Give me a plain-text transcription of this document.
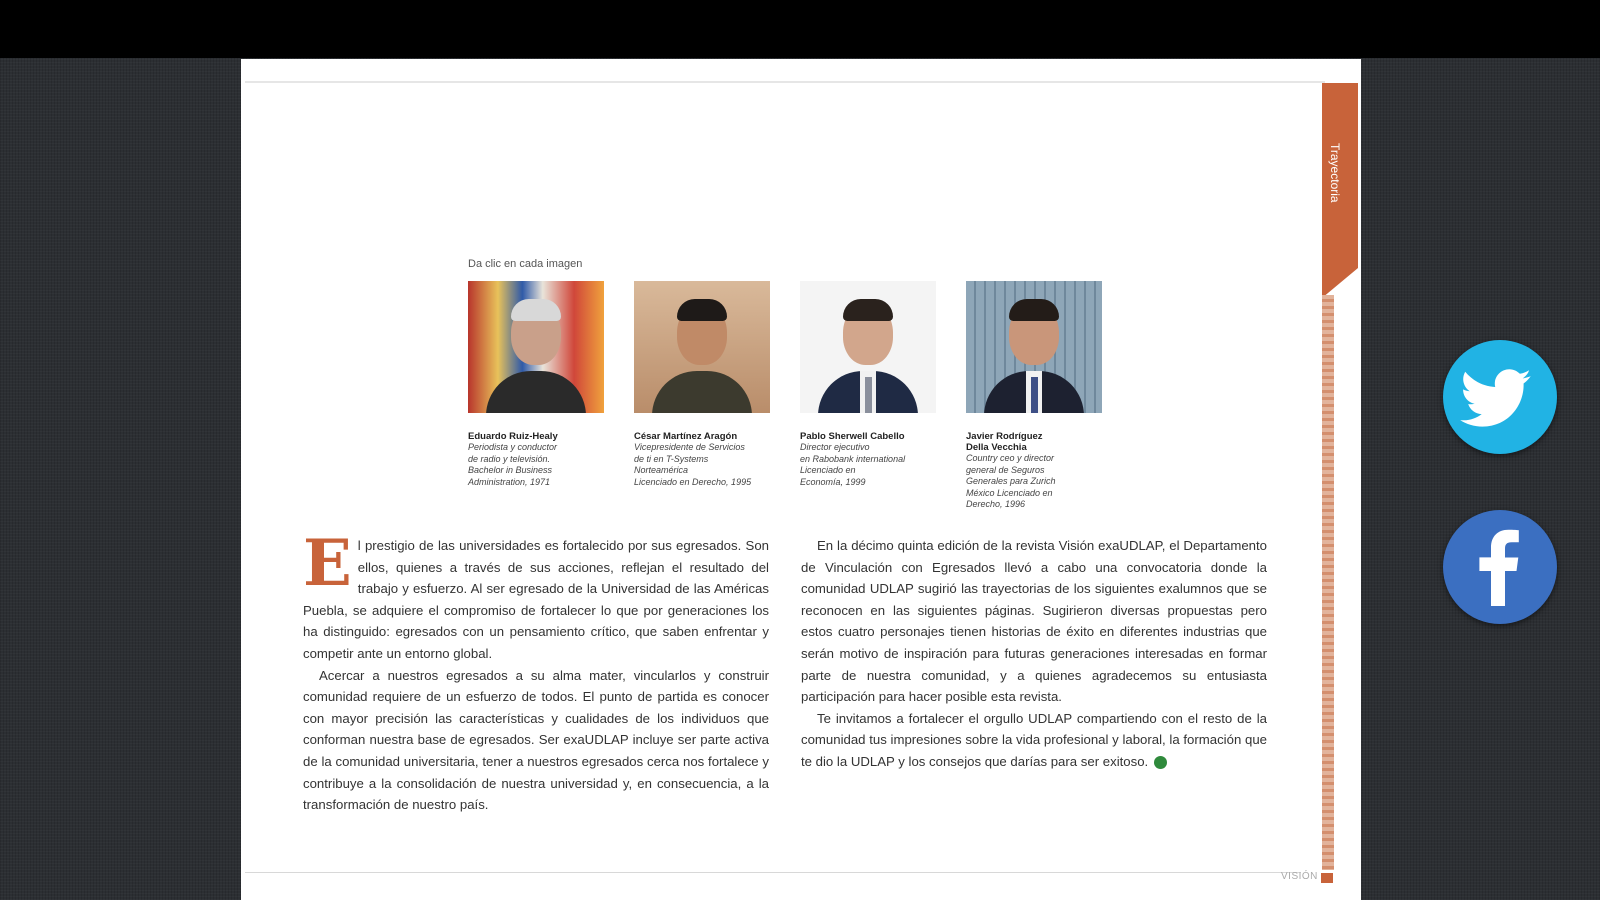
Trayectoria
Da clic en cada imagen
Eduardo Ruiz-Healy
Periodista y conductor
de radio y televisión.
Bachelor in Business
Administration, 1971
César Martínez Aragón
Vicepresidente de Servicios
de ti en T-Systems
Norteamérica
Licenciado en Derecho, 1995
Pablo Sherwell Cabello
Director ejecutivo
en Rabobank international
Licenciado en
Economía, 1999
Javier Rodríguez
Della Vecchia
Country ceo y director
general de Seguros
Generales para Zurich
México Licenciado en
Derecho, 1996

El prestigio de las universidades es fortalecido por sus egresados. Son ellos, quienes a través de sus acciones, reflejan el resultado del trabajo y esfuerzo. Al ser egresado de la Universidad de las Américas Puebla, se adquiere el compromiso de fortalecer lo que por generaciones los ha distinguido: egresados con un pensamiento crítico, que saben enfrentar y competir ante un entorno global.

Acercar a nuestros egresados a su alma mater, vincularlos y construir comunidad requiere de un esfuerzo de todos. El punto de partida es conocer con mayor precisión las características y cualidades de los individuos que conforman nuestra base de egresados. Ser exaUDLAP incluye ser parte activa de la comunidad universitaria, tener a nuestros egresados cerca nos fortalece y contribuye a la consolidación de nuestra universidad y, en consecuencia, a la transformación de nuestro país.

En la décimo quinta edición de la revista Visión exaUDLAP, el Departamento de Vinculación con Egresados llevó a cabo una convocatoria donde la comunidad UDLAP sugirió las trayectorias de los siguientes exalumnos que se reconocen en las siguientes páginas. Sugirieron diversas propuestas pero estos cuatro personajes tienen historias de éxito en diferentes industrias que serán motivo de inspiración para futuras generaciones interesadas en formar parte de nuestra comunidad, y a quienes agradecemos su entusiasta participación para hacer posible esta revista.

Te invitamos a fortalecer el orgullo UDLAP compartiendo con el resto de la comunidad tus impresiones sobre la vida profesional y laboral, la formación que te dio la UDLAP y los consejos que darías para ser exitoso. ✓

VISIÓN
